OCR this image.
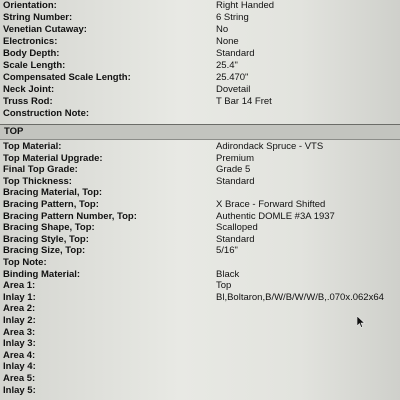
Orientation:	Right Handed
String Number:	6 String
Venetian Cutaway:	No
Electronics:	None
Body Depth:	Standard
Scale Length:	25.4"
Compensated Scale Length:	25.470"
Neck Joint:	Dovetail
Truss Rod:	T Bar 14 Fret
Construction Note:
TOP
Top Material:	Adirondack Spruce - VTS
Top Material Upgrade:	Premium
Final Top Grade:	Grade 5
Top Thickness:	Standard
Bracing Material, Top:
Bracing Pattern, Top:	X Brace - Forward Shifted
Bracing Pattern Number, Top:	Authentic DOMLE #3A 1937
Bracing Shape, Top:	Scalloped
Bracing Style, Top:	Standard
Bracing Size, Top:	5/16"
Top Note:
Binding Material:	Black
Area 1:	Top
Inlay 1:	Bl,Boltaron,B/W/B/W/W/B,.070x.062x64
Area 2:
Inlay 2:
Area 3:
Inlay 3:
Area 4:
Inlay 4:
Area 5:
Inlay 5:
